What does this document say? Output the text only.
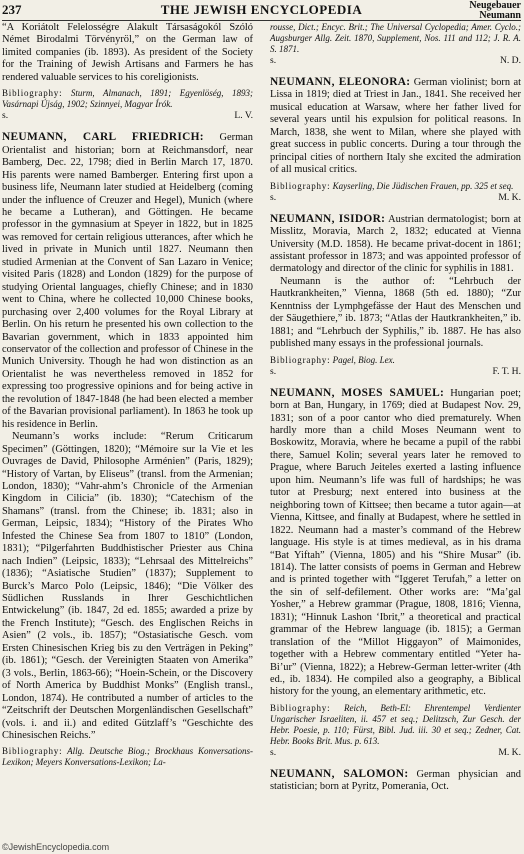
237	THE JEWISH ENCYCLOPEDIA	Neugebauer
Neumann

“A Koriátolt Felelosségre Alakult Társaságokól Szóló Német Birodalmi Törvényröl,” on the German law of limited companies (ib. 1893). As president of the Society for the Training of Jewish Artisans and Farmers he has rendered valuable services to his coreligionists.

Bibliography: Sturm, Almanach, 1891; Egyenlöség, 1893; Vasárnapi Újság, 1902; Szinnyei, Magyar Írók.

s.	L. V.

NEUMANN, CARL FRIEDRICH: German Orientalist and historian; born at Reichmansdorf, near Bamberg, Dec. 22, 1798; died in Berlin March 17, 1870. His parents were named Bamberger. Entering first upon a business life, Neumann later studied at Heidelberg (coming under the influence of Creuzer and Hegel), Munich (where he became a Lutheran), and Göttingen. He became professor in the gymnasium at Speyer in 1822, but in 1825 was removed for certain religious utterances, after which he lived in private in Munich until 1827. Neumann then studied Armenian at the Convent of San Lazaro in Venice; visited Paris (1828) and London (1829) for the purpose of studying Oriental languages, chiefly Chinese; and in 1830 went to China, where he collected 10,000 Chinese books, purchasing over 2,400 volumes for the Royal Library at Berlin. On his return he presented his own collection to the Bavarian government, which in 1833 appointed him conservator of the collection and professor of Chinese in the Munich University. Though he had won distinction as an Orientalist he was nevertheless removed in 1852 for expressing too progressive opinions and for being active in the revolution of 1847-1848 (he had been elected a member of the Bavarian provisional parliament). In 1863 he took up his residence in Berlin.

Neumann’s works include: “Rerum Criticarum Specimen” (Göttingen, 1820); “Mémoire sur la Vie et les Ouvrages de David, Philosophe Arménien” (Paris, 1829); “History of Vartan, by Eliseus” (transl. from the Armenian; London, 1830); “Vahr-ahm’s Chronicle of the Armenian Kingdom in Cilicia” (ib. 1830); “Catechism of the Shamans” (transl. from the Chinese; ib. 1831; also in German, Leipsic, 1834); “History of the Pirates Who Infested the Chinese Sea from 1807 to 1810” (London, 1831); “Pilgerfahrten Buddhistischer Priester aus China nach Indien” (Leipsic, 1833); “Lehrsaal des Mittelreichs” (1836); “Asiatische Studien” (1837); Supplement to Burck’s Marco Polo (Leipsic, 1846); “Die Völker des Südlichen Russlands in Ihrer Geschichtlichen Entwickelung” (ib. 1847, 2d ed. 1855; awarded a prize by the French Institute); “Gesch. des Englischen Reichs in Asien” (2 vols., ib. 1857); “Ostasiatische Gesch. vom Ersten Chinesischen Krieg bis zu den Verträgen in Peking” (ib. 1861); “Gesch. der Vereinigten Staaten von Amerika” (3 vols., Berlin, 1863-66); “Hoein-Schein, or the Discovery of North America by Buddhist Monks” (English transl., London, 1874). He contributed a number of articles to the “Zeitschrift der Deutschen Morgenländischen Gesellschaft” (vols. i. and ii.) and edited Gützlaff’s “Geschichte des Chinesischen Reichs.”

Bibliography: Allg. Deutsche Biog.; Brockhaus Konversations-Lexikon; Meyers Konversations-Lexikon; La-

rousse, Dict.; Encyc. Brit.; The Universal Cyclopedia; Amer. Cyclo.; Augsburger Allg. Zeit. 1870, Supplement, Nos. 111 and 112; J. R. A. S. 1871.

s.	N. D.

NEUMANN, ELEONORA: German violinist; born at Lissa in 1819; died at Triest in Jan., 1841. She received her musical education at Warsaw, where her father lived for several years until his expulsion for political reasons. In March, 1838, she went to Milan, where she played with great success in public concerts. During a tour through the principal cities of northern Italy she excited the admiration of all musical critics.

Bibliography: Kayserling, Die Jüdischen Frauen, pp. 325 et seq.

s.	M. K.

NEUMANN, ISIDOR: Austrian dermatologist; born at Misslitz, Moravia, March 2, 1832; educated at Vienna University (M.D. 1858). He became privat-docent in 1861; assistant professor in 1873; and was appointed professor of dermatology and director of the clinic for syphilis in 1881.

Neumann is the author of: “Lehrbuch der Hautkrankheiten,” Vienna, 1868 (5th ed. 1880); “Zur Kenntniss der Lymphgefässe der Haut des Menschen und der Säugethiere,” ib. 1873; “Atlas der Hautkrankheiten,” ib. 1881; and “Lehrbuch der Syphilis,” ib. 1887. He has also published many essays in the professional journals.

Bibliography: Pagel, Biog. Lex.

s.	F. T. H.

NEUMANN, MOSES SAMUEL: Hungarian poet; born at Ban, Hungary, in 1769; died at Budapest Nov. 29, 1831; son of a poor cantor who died prematurely. When hardly more than a child Moses Neumann went to Boskowitz, Moravia, where he became a pupil of the rabbi there, Samuel Kolin; several years later he removed to Prague, where Baruch Jeiteles exerted a lasting influence upon him. Neumann’s life was full of hardships; he was tutor at Presburg; next entered into business at the neighboring town of Kittsee; then became a tutor again—at Vienna, Kittsee, and finally at Budapest, where he settled in 1822. Neumann had a master’s command of the Hebrew language. His style is at times medieval, as in his drama “Bat Yiftah” (Vienna, 1805) and his “Shire Musar” (ib. 1814). The latter consists of poems in German and Hebrew and is printed together with “Iggeret Terufah,” a letter on the sin of self-defilement. Other works are: “Ma’gal Yosher,” a Hebrew grammar (Prague, 1808, 1816; Vienna, 1831); “Hinnuk Lashon ‘Ibrit,” a theoretical and practical grammar of the Hebrew language (ib. 1815); a German translation of the “Millot Higgayon” of Maimonides, together with a Hebrew commentary entitled “Yeter ha-Bi’ur” (Vienna, 1822); a Hebrew-German letter-writer (4th ed., ib. 1834). He compiled also a geography, a Biblical history for the young, an elementary arithmetic, etc.

Bibliography: Reich, Beth-El: Ehrentempel Verdienter Ungarischer Israeliten, ii. 457 et seq.; Delitzsch, Zur Gesch. der Hebr. Poesie, p. 110; Fürst, Bibl. Jud. iii. 30 et seq.; Zedner, Cat. Hebr. Books Brit. Mus. p. 613.

s.	M. K.

NEUMANN, SALOMON: German physician and statistician; born at Pyritz, Pomerania, Oct.

©JewishEncyclopedia.com
